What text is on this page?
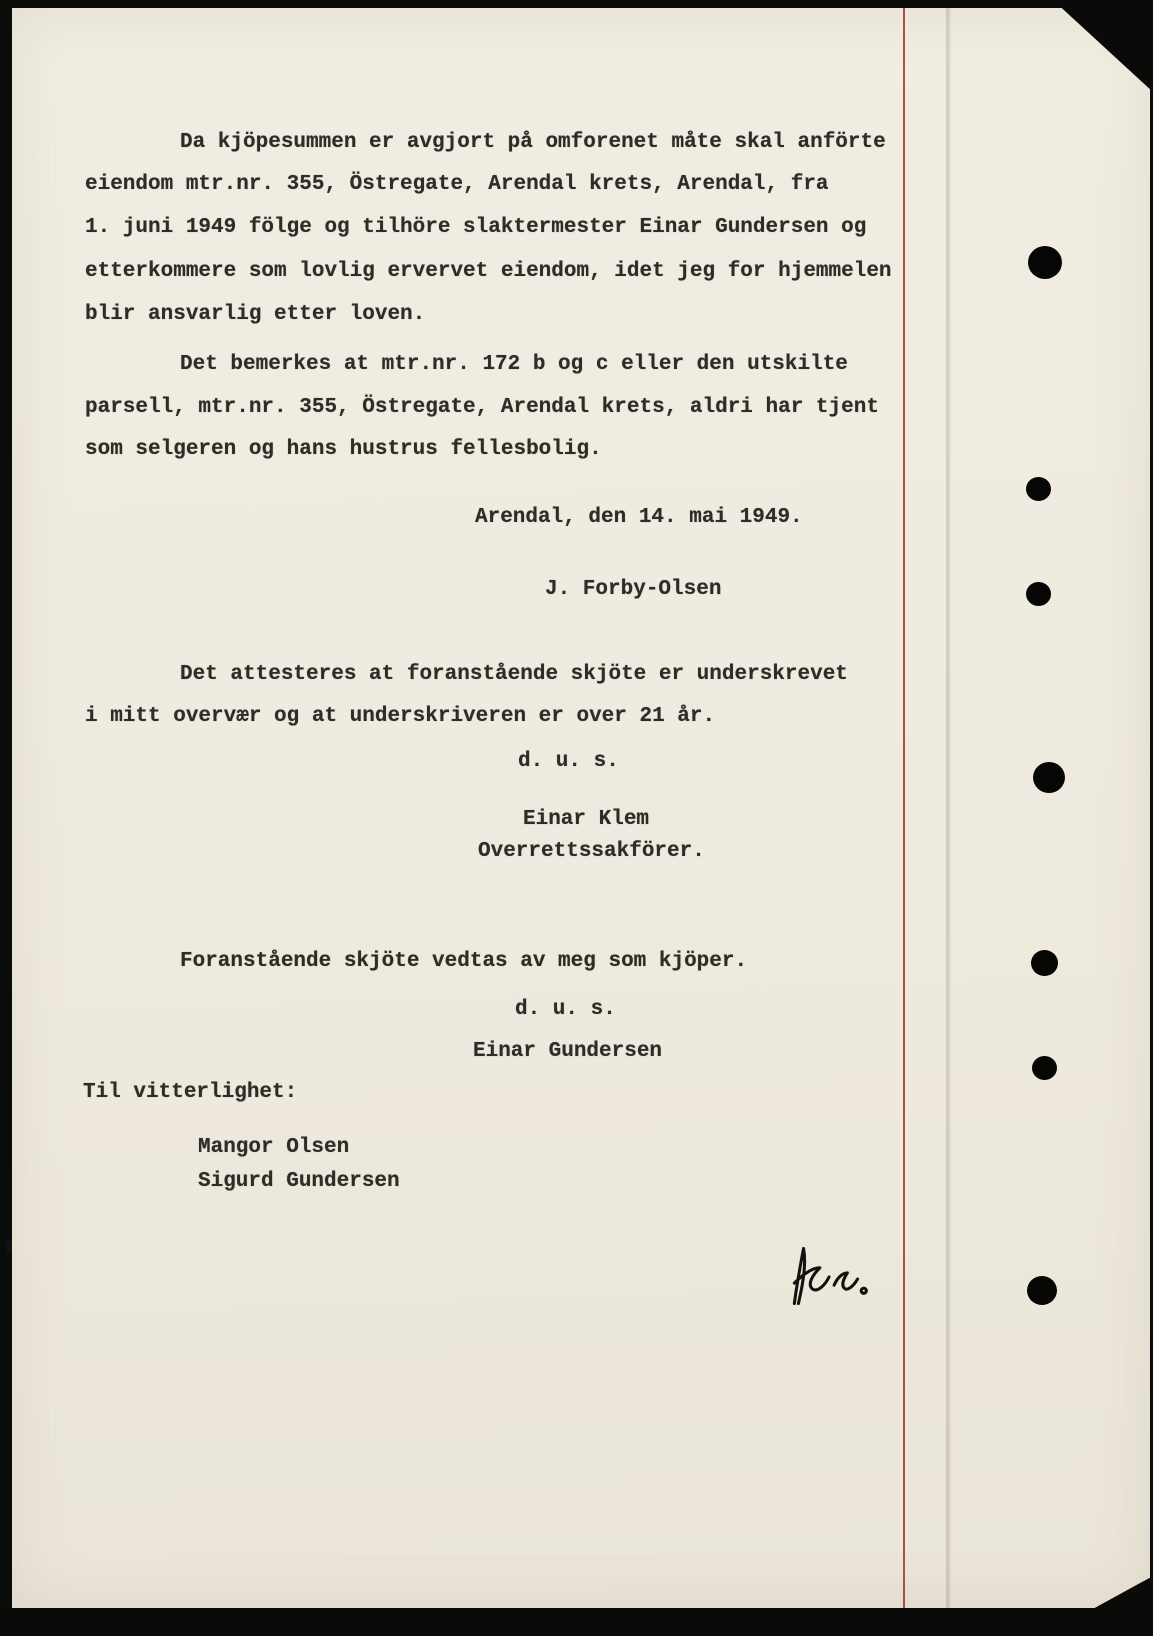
Da kjöpesummen er avgjort på omforenet måte skal anförte
eiendom mtr.nr. 355, Östregate, Arendal krets, Arendal, fra
1. juni 1949 fölge og tilhöre slaktermester Einar Gundersen og
etterkommere som lovlig ervervet eiendom, idet jeg for hjemmelen
blir ansvarlig etter loven.
Det bemerkes at mtr.nr. 172 b og c eller den utskilte
parsell, mtr.nr. 355, Östregate, Arendal krets, aldri har tjent
som selgeren og hans hustrus fellesbolig.
Arendal, den 14. mai 1949.
J. Forby-Olsen
Det attesteres at foranstående skjöte er underskrevet
i mitt overvær og at underskriveren er over 21 år.
d. u. s.
Einar Klem
Overrettssakförer.
Foranstående skjöte vedtas av meg som kjöper.
d. u. s.
Einar Gundersen
Til vitterlighet:
Mangor Olsen
Sigurd Gundersen
